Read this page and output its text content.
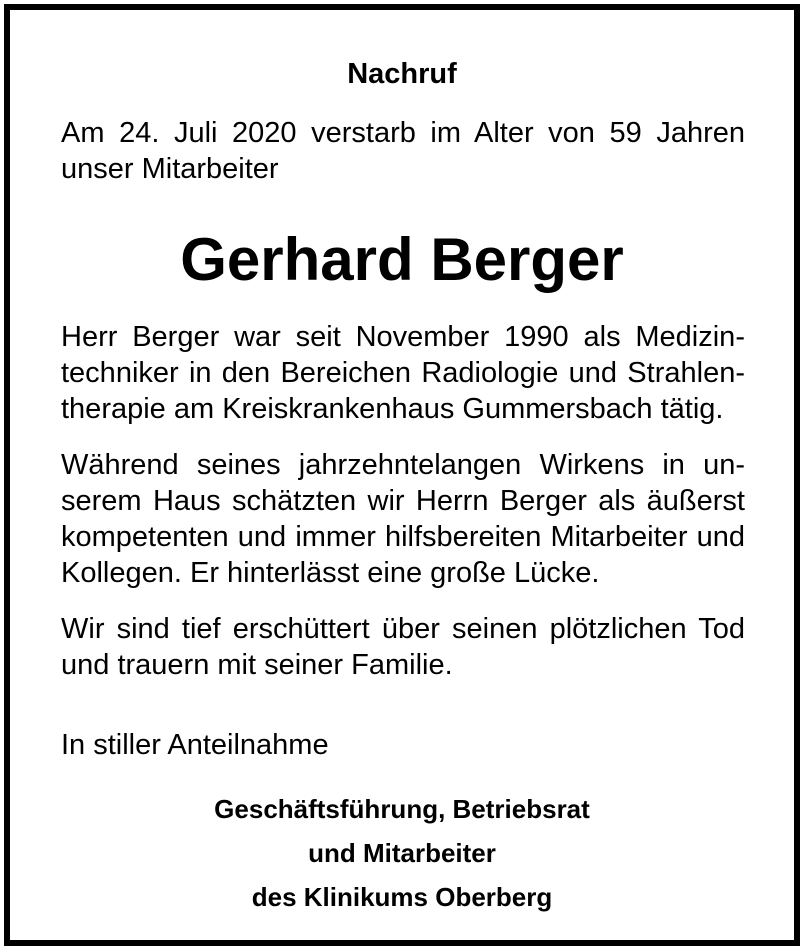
Nachruf

Am 24. Juli 2020 verstarb im Alter von 59 Jahren unser Mitarbeiter

Gerhard Berger

Herr Berger war seit November 1990 als Medizintechniker in den Bereichen Radiologie und Strahlentherapie am Kreiskrankenhaus Gummersbach tätig.

Während seines jahrzehntelangen Wirkens in unserem Haus schätzten wir Herrn Berger als äußerst kompetenten und immer hilfsbereiten Mitarbeiter und Kollegen. Er hinterlässt eine große Lücke.

Wir sind tief erschüttert über seinen plötzlichen Tod und trauern mit seiner Familie.

In stiller Anteilnahme

Geschäftsführung, Betriebsrat
und Mitarbeiter
des Klinikums Oberberg
